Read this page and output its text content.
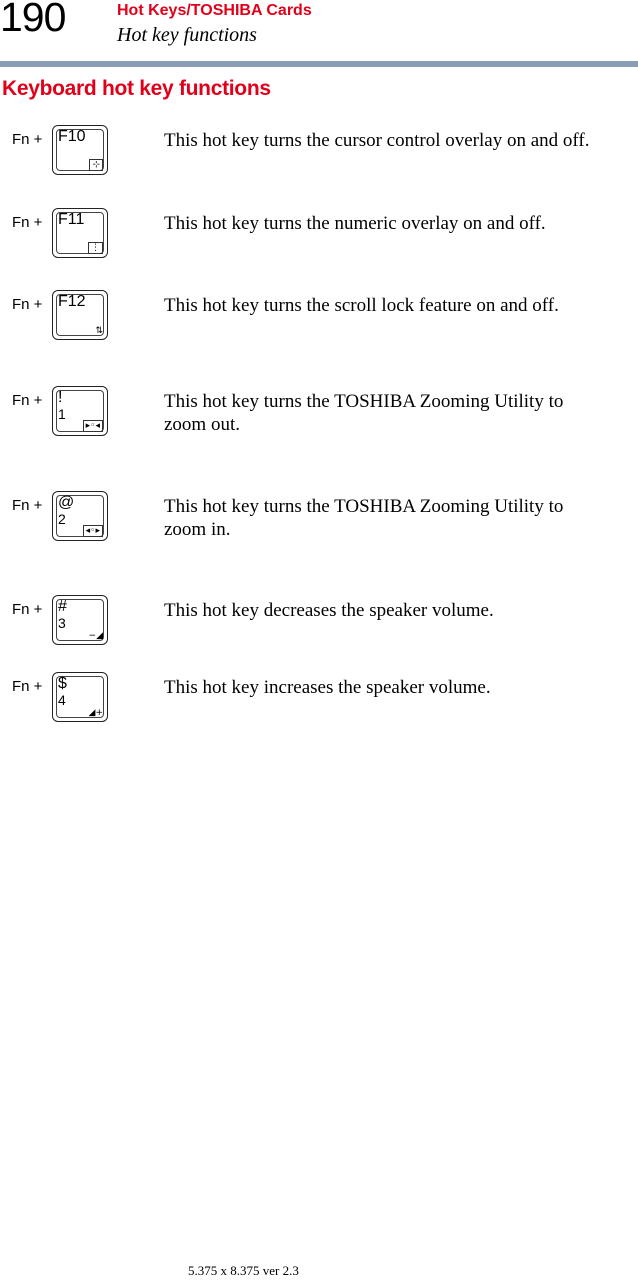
190	Hot Keys/TOSHIBA Cards
Hot key functions
Keyboard hot key functions
Fn + F10
⊹
This hot key turns the cursor control overlay on and off.
Fn + F11
⋮
This hot key turns the numeric overlay on and off.
Fn + F12
⇅
This hot key turns the scroll lock feature on and off.
Fn + !
1
▸◦◂
This hot key turns the TOSHIBA Zooming Utility to zoom out.
Fn + @
2
◂◦▸
This hot key turns the TOSHIBA Zooming Utility to zoom in.
Fn + #
3
−◢
This hot key decreases the speaker volume.
Fn + $
4
◢+
This hot key increases the speaker volume.
5.375 x 8.375 ver 2.3
